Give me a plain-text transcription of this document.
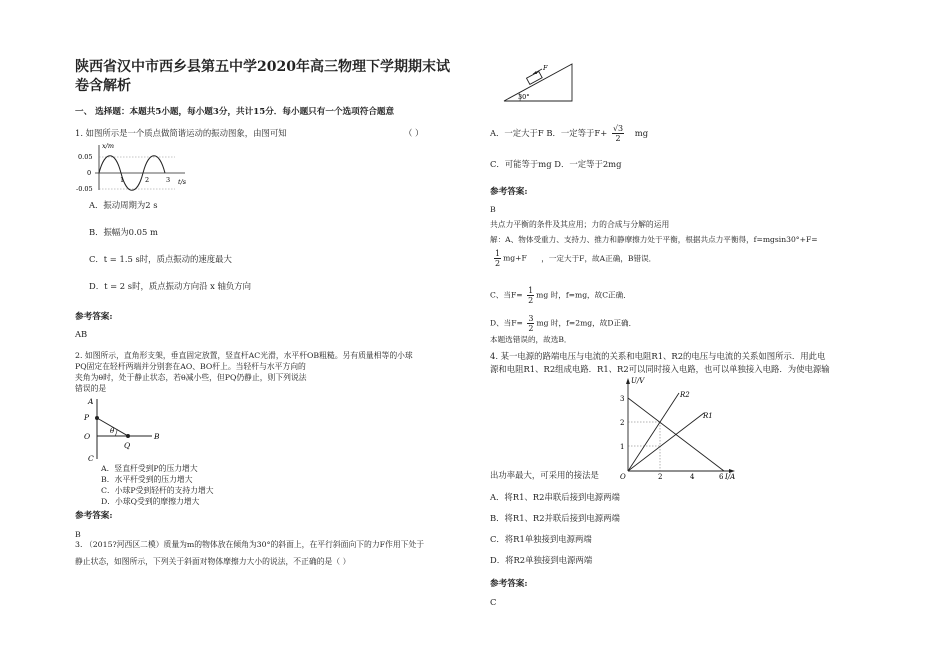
陕西省汉中市西乡县第五中学2020年高三物理下学期期末试
卷含解析
一、 选择题：本题共5小题，每小题3分，共计15分．每小题只有一个选项符合题意
1. 如图所示是一个质点做简谐运动的振动图象，由图可知	（ ）
x/m
t/s
0.05
0
-0.05
1	2	3
A．振动周期为2 s
B．振幅为0.05 m
C．t = 1.5 s时，质点振动的速度最大
D．t = 2 s时，质点振动方向沿 x 轴负方向
参考答案:
AB
2. 如图所示，直角形支架，垂直固定放置，竖直杆AC光滑，水平杆OB粗糙。另有质量相等的小球
PQ固定在轻杆两端并分别套在AO、BO杆上。当轻杆与水平方向的
夹角为θ时，处于静止状态，若θ减小些，但PQ仍静止，则下列说法
错误的是
A
P
O
θ
B
Q
C
A．竖直杆受到P的压力增大
B．水平杆受到的压力增大
C．小球P受到轻杆的支持力增大
D．小球Q受到的摩擦力增大
参考答案:
B
3. （2015?河西区二模）质量为m的物体放在倾角为30°的斜面上，在平行斜面向下的力F作用下处于
静止状态，如图所示，下列关于斜面对物体摩擦力大小的说法，不正确的是（ ）
F
30°
A．一定大于F B．一定等于$F+ \frac{√3}{2}$ mg
C．可能等于mg D．一定等于2mg
参考答案:
B
共点力平衡的条件及其应用；力的合成与分解的运用
解：A、物体受重力、支持力、推力和静摩擦力处于平衡，根据共点力平衡得，f=mgsin30°+F=
$\frac{1}{2} mg+F$ ，一定大于F，故A正确，B错误．
C、当$F= \frac{1}{2}$ mg 时，f=mg，故C正确．
D、当$F= \frac{3}{2}$ mg 时，f=2mg，故D正确．
本题选错误的，故选B．
4. 某一电源的路端电压与电流的关系和电阻R1、R2的电压与电流的关系如图所示．用此电
源和电阻R1、R2组成电路．R1、R2可以同时接入电路，也可以单独接入电路．为使电源输
U/V
I/A
3
2
1
O	2	4	6
R2
R1
出功率最大，可采用的接法是
A．将R1、R2串联后接到电源两端
B．将R1、R2并联后接到电源两端
C．将R1单独接到电源两端
D．将R2单独接到电源两端
参考答案:
C
